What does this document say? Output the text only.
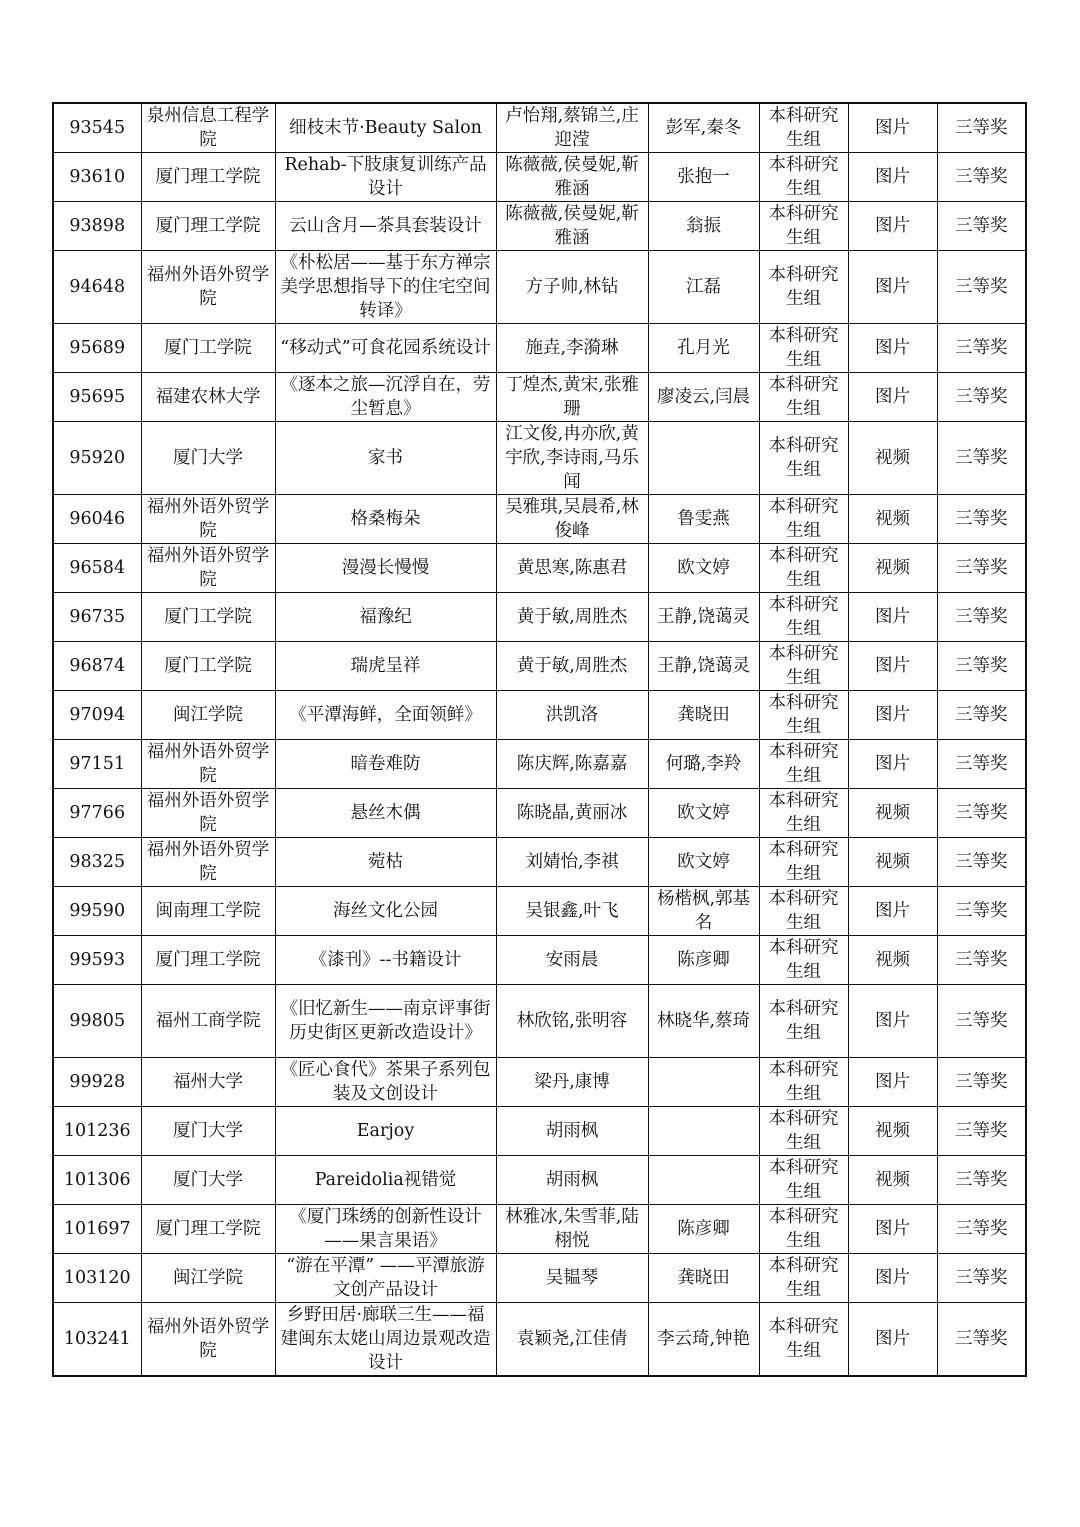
93545	泉州信息工程学院	细枝末节·Beauty Salon	卢怡翔,蔡锦兰,庄迎滢	彭军,秦冬	本科研究生组	图片	三等奖
93610	厦门理工学院	Rehab-下肢康复训练产品设计	陈薇薇,侯曼妮,靳雅涵	张抱一	本科研究生组	图片	三等奖
93898	厦门理工学院	云山含月—茶具套装设计	陈薇薇,侯曼妮,靳雅涵	翁振	本科研究生组	图片	三等奖
94648	福州外语外贸学院	《朴松居——基于东方禅宗美学思想指导下的住宅空间转译》	方子帅,林钻	江磊	本科研究生组	图片	三等奖
95689	厦门工学院	“移动式”可食花园系统设计	施垚,李漪琳	孔月光	本科研究生组	图片	三等奖
95695	福建农林大学	《逐本之旅—沉浮自在，劳尘暂息》	丁煌杰,黄宋,张雅珊	廖凌云,闫晨	本科研究生组	图片	三等奖
95920	厦门大学	家书	江文俊,冉亦欣,黄宇欣,李诗雨,马乐闻		本科研究生组	视频	三等奖
96046	福州外语外贸学院	格桑梅朵	吴雅琪,吴晨希,林俊峰	鲁雯燕	本科研究生组	视频	三等奖
96584	福州外语外贸学院	漫漫长慢慢	黄思寒,陈惠君	欧文婷	本科研究生组	视频	三等奖
96735	厦门工学院	福豫纪	黄于敏,周胜杰	王静,饶蔼灵	本科研究生组	图片	三等奖
96874	厦门工学院	瑞虎呈祥	黄于敏,周胜杰	王静,饶蔼灵	本科研究生组	图片	三等奖
97094	闽江学院	《平潭海鲜，全面领鲜》	洪凯洛	龚晓田	本科研究生组	图片	三等奖
97151	福州外语外贸学院	暗卷难防	陈庆辉,陈嘉嘉	何璐,李羚	本科研究生组	图片	三等奖
97766	福州外语外贸学院	悬丝木偶	陈晓晶,黄丽冰	欧文婷	本科研究生组	视频	三等奖
98325	福州外语外贸学院	菀枯	刘婧怡,李祺	欧文婷	本科研究生组	视频	三等奖
99590	闽南理工学院	海丝文化公园	吴银鑫,叶飞	杨楷枫,郭基名	本科研究生组	图片	三等奖
99593	厦门理工学院	《漆刊》--书籍设计	安雨晨	陈彦卿	本科研究生组	视频	三等奖
99805	福州工商学院	《旧忆新生——南京评事街历史街区更新改造设计》	林欣铭,张明容	林晓华,蔡琦	本科研究生组	图片	三等奖
99928	福州大学	《匠心食代》茶果子系列包装及文创设计	梁丹,康博		本科研究生组	图片	三等奖
101236	厦门大学	Earjoy	胡雨枫		本科研究生组	视频	三等奖
101306	厦门大学	Pareidolia视错觉	胡雨枫		本科研究生组	视频	三等奖
101697	厦门理工学院	《厦门珠绣的创新性设计——果言果语》	林雅冰,朱雪菲,陆栩悦	陈彦卿	本科研究生组	图片	三等奖
103120	闽江学院	“游在平潭” ——平潭旅游文创产品设计	吴韫琴	龚晓田	本科研究生组	图片	三等奖
103241	福州外语外贸学院	乡野田居·廊联三生——福建闽东太姥山周边景观改造设计	袁颖尧,江佳倩	李云琦,钟艳	本科研究生组	图片	三等奖
